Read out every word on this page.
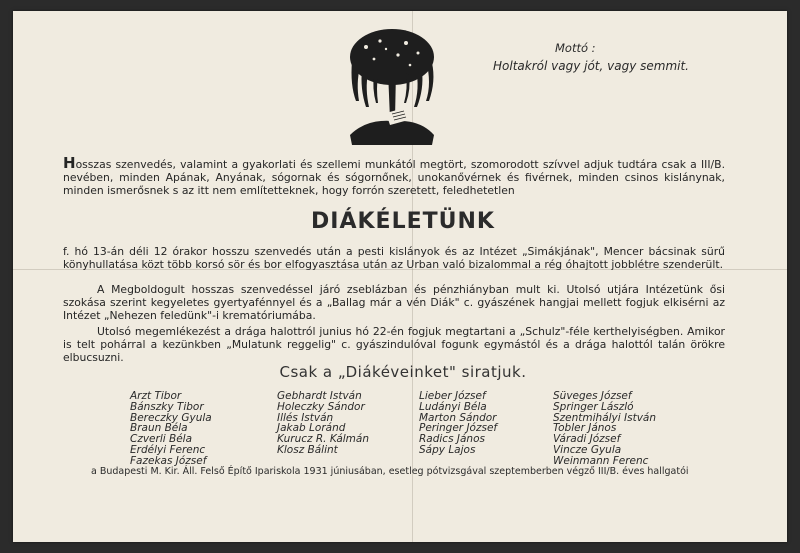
Mottó :
Holtakról vagy jót, vagy semmit.
Hosszas szenvedés, valamint a gyakorlati és szellemi munkától megtört, szomorodott szívvel adjuk tudtára csak a III/B. nevében, minden Apának, Anyának, sógornak és sógornőnek, unokanővérnek és fivérnek, minden csinos kislánynak, minden ismerősnek s az itt nem említetteknek, hogy forrón szeretett, feledhetetlen
DIÁKÉLETÜNK
f. hó 13-án déli 12 órakor hosszu szenvedés után a pesti kislányok és az Intézet „Simákjának", Mencer bácsinak sürű könyhullatása közt több korsó sör és bor elfogyasztása után az Urban való bizalommal a rég óhajtott jobblétre szenderült.
A Megboldogult hosszas szenvedéssel járó zseblázban és pénzhiányban mult ki. Utolsó utjára Intézetünk ősi szokása szerint kegyeletes gyertyafénnyel és a „Ballag már a vén Diák" c. gyászének hangjai mellett fogjuk elkisérni az Intézet „Nehezen feledünk"-i krematóriumába.
Utolsó megemlékezést a drága halottról junius hó 22-én fogjuk megtartani a „Schulz"-féle kerthelyiségben. Amikor is telt pohárral a kezünkben „Mulatunk reggelig" c. gyászindulóval fogunk egymástól és a drága halottól talán örökre elbucsuzni.
Csak a „Diákéveinket" siratjuk.
Arzt Tibor
Bánszky Tibor
Bereczky Gyula
Braun Béla
Czverli Béla
Erdélyi Ferenc
Fazekas József
Gebhardt István
Holeczky Sándor
Illés István
Jakab Loránd
Kurucz R. Kálmán
Klosz Bálint
Lieber József
Ludányi Béla
Marton Sándor
Peringer József
Radics János
Sápy Lajos
Süveges József
Springer László
Szentmihályi István
Tobler János
Váradi József
Vincze Gyula
Weinmann Ferenc
a Budapesti M. Kir. Áll. Felső Építő Ipariskola 1931 júniusában, esetleg pótvizsgával szeptemberben végző III/B. éves hallgatói
